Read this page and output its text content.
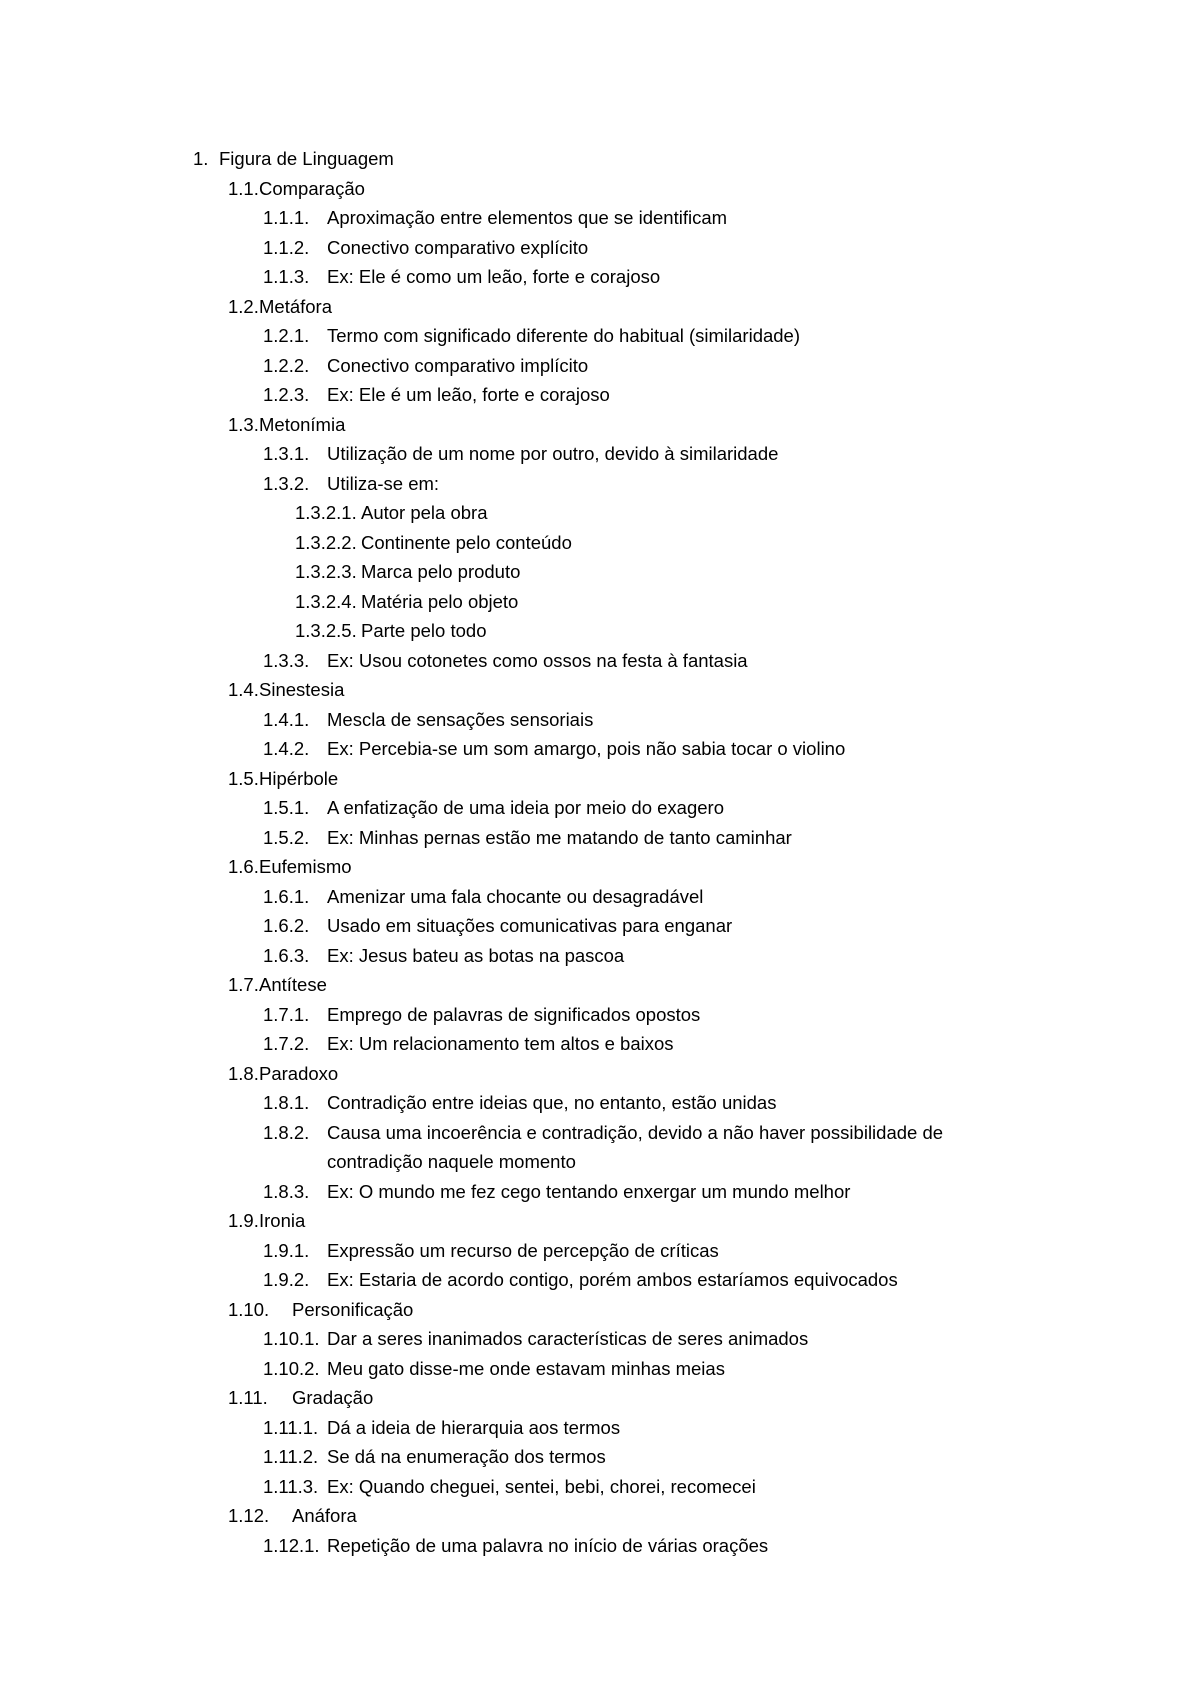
1. Figura de Linguagem
1.1. Comparação
1.1.1. Aproximação entre elementos que se identificam
1.1.2. Conectivo comparativo explícito
1.1.3. Ex: Ele é como um leão, forte e corajoso
1.2. Metáfora
1.2.1. Termo com significado diferente do habitual (similaridade)
1.2.2. Conectivo comparativo implícito
1.2.3. Ex: Ele é um leão, forte e corajoso
1.3. Metonímia
1.3.1. Utilização de um nome por outro, devido à similaridade
1.3.2. Utiliza-se em:
1.3.2.1. Autor pela obra
1.3.2.2. Continente pelo conteúdo
1.3.2.3. Marca pelo produto
1.3.2.4. Matéria pelo objeto
1.3.2.5. Parte pelo todo
1.3.3. Ex: Usou cotonetes como ossos na festa à fantasia
1.4. Sinestesia
1.4.1. Mescla de sensações sensoriais
1.4.2. Ex: Percebia-se um som amargo, pois não sabia tocar o violino
1.5. Hipérbole
1.5.1. A enfatização de uma ideia por meio do exagero
1.5.2. Ex: Minhas pernas estão me matando de tanto caminhar
1.6. Eufemismo
1.6.1. Amenizar uma fala chocante ou desagradável
1.6.2. Usado em situações comunicativas para enganar
1.6.3. Ex: Jesus bateu as botas na pascoa
1.7. Antítese
1.7.1. Emprego de palavras de significados opostos
1.7.2. Ex: Um relacionamento tem altos e baixos
1.8. Paradoxo
1.8.1. Contradição entre ideias que, no entanto, estão unidas
1.8.2. Causa uma incoerência e contradição, devido a não haver possibilidade de
contradição naquele momento
1.8.3. Ex: O mundo me fez cego tentando enxergar um mundo melhor
1.9. Ironia
1.9.1. Expressão um recurso de percepção de críticas
1.9.2. Ex: Estaria de acordo contigo, porém ambos estaríamos equivocados
1.10. Personificação
1.10.1. Dar a seres inanimados características de seres animados
1.10.2. Meu gato disse-me onde estavam minhas meias
1.11. Gradação
1.11.1. Dá a ideia de hierarquia aos termos
1.11.2. Se dá na enumeração dos termos
1.11.3. Ex: Quando cheguei, sentei, bebi, chorei, recomecei
1.12. Anáfora
1.12.1. Repetição de uma palavra no início de várias orações
